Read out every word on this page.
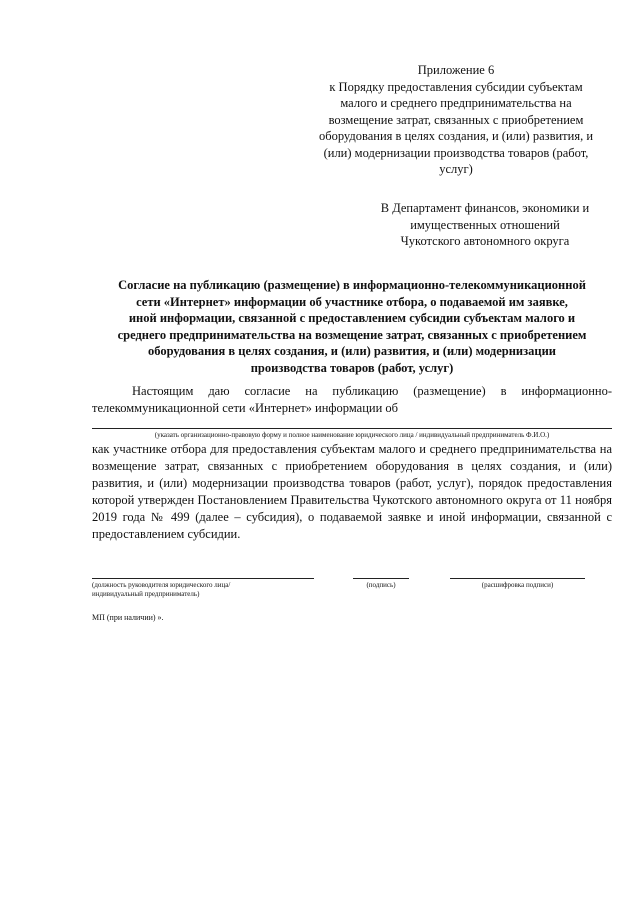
Приложение 6
к Порядку предоставления субсидии субъектам
малого и среднего предпринимательства на
возмещение затрат, связанных с приобретением
оборудования в целях создания, и (или) развития, и
(или) модернизации производства товаров (работ,
услуг)
В Департамент финансов, экономики и
имущественных отношений
Чукотского автономного округа
Согласие на публикацию (размещение) в информационно-телекоммуникационной
сети «Интернет» информации об участнике отбора, о подаваемой им заявке,
иной информации, связанной с предоставлением субсидии субъектам малого и
среднего предпринимательства на возмещение затрат, связанных с приобретением
оборудования в целях создания, и (или) развития, и (или) модернизации
производства товаров (работ, услуг)
Настоящим даю согласие на публикацию (размещение) в информационно-телекоммуникационной сети «Интернет» информации об
(указать организационно-правовую форму и полное наименование юридического лица / индивидуальный предприниматель Ф.И.О.)
как участнике отбора для предоставления субъектам малого и среднего предпринимательства на возмещение затрат, связанных с приобретением оборудования в целях создания, и (или) развития, и (или) модернизации производства товаров (работ, услуг), порядок предоставления которой утвержден Постановлением Правительства Чукотского автономного округа от 11 ноября 2019 года № 499 (далее – субсидия), о подаваемой заявке и иной информации, связанной с предоставлением субсидии.
(должность руководителя юридического лица/
индивидуальный предприниматель)
(подпись)	(расшифровка подписи)
МП (при наличии) ».
